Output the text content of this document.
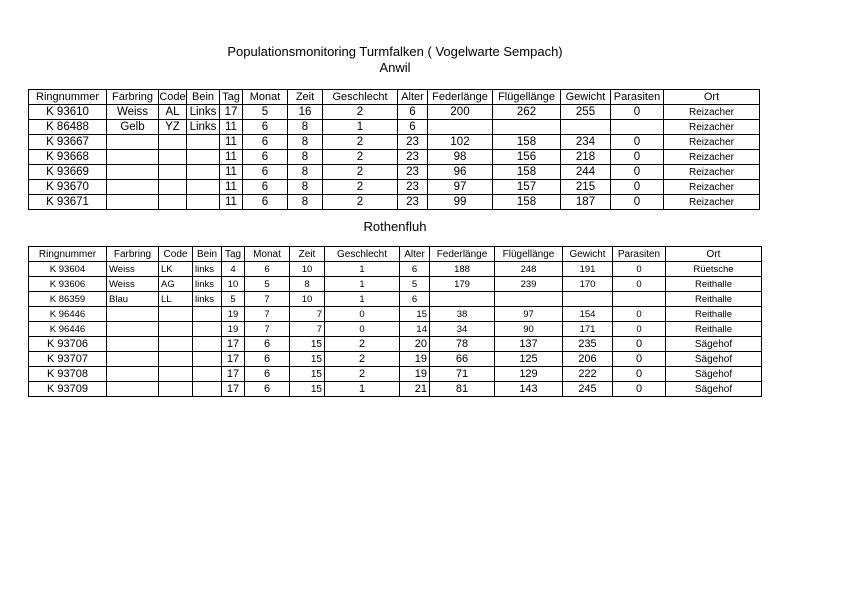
Populationsmonitoring Turmfalken ( Vogelwarte Sempach)
Anwil
Ringnummer	Farbring	Code	Bein	Tag	Monat	Zeit	Geschlecht	Alter	Federlänge	Flügellänge	Gewicht	Parasiten	Ort
K 93610	Weiss	AL	Links	17	5	16	2	6	200	262	255	0	Reizacher
K 86488	Gelb	YZ	Links	11	6	8	1	6					Reizacher
K 93667				11	6	8	2	23	102	158	234	0	Reizacher
K 93668				11	6	8	2	23	98	156	218	0	Reizacher
K 93669				11	6	8	2	23	96	158	244	0	Reizacher
K 93670				11	6	8	2	23	97	157	215	0	Reizacher
K 93671				11	6	8	2	23	99	158	187	0	Reizacher
Rothenfluh
Ringnummer	Farbring	Code	Bein	Tag	Monat	Zeit	Geschlecht	Alter	Federlänge	Flügellänge	Gewicht	Parasiten	Ort
K 93604	Weiss	LK	links	4	6	10	1	6	188	248	191	0	Rüetsche
K 93606	Weiss	AG	links	10	5	8	1	5	179	239	170	0	Reithalle
K 86359	Blau	LL	links	5	7	10	1	6					Reithalle
K 96446				19	7	7	0	15	38	97	154	0	Reithalle
K 96446				19	7	7	0	14	34	90	171	0	Reithalle
K 93706				17	6	15	2	20	78	137	235	0	Sägehof
K 93707				17	6	15	2	19	66	125	206	0	Sägehof
K 93708				17	6	15	2	19	71	129	222	0	Sägehof
K 93709				17	6	15	1	21	81	143	245	0	Sägehof
